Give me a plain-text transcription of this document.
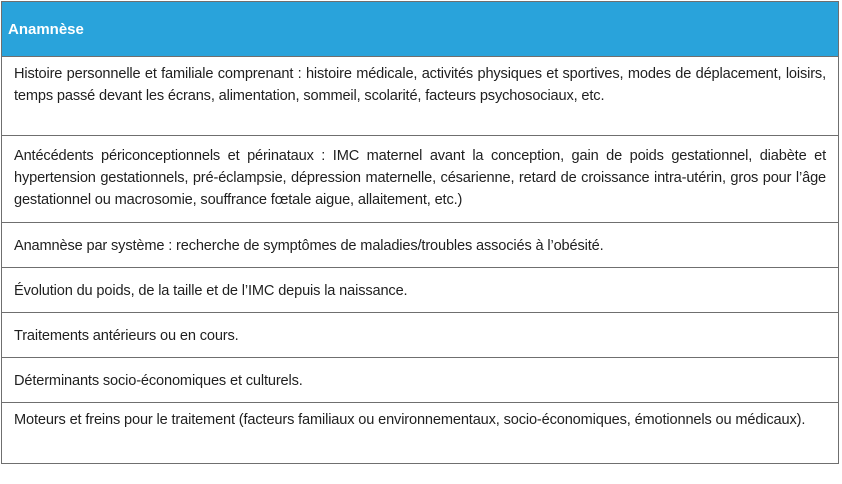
Anamnèse
Histoire personnelle et familiale comprenant : histoire médicale, activités physiques et sportives, modes de déplacement, loisirs, temps passé devant les écrans, alimentation, sommeil, scolarité, facteurs psychosociaux, etc.
Antécédents périconceptionnels et périnataux : IMC maternel avant la conception, gain de poids gestationnel, diabète et hypertension gestationnels, pré-éclampsie, dépression maternelle, césarienne, retard de croissance intra-utérin, gros pour l’âge gestationnel ou macrosomie, souffrance fœtale aigue, allaitement, etc.)
Anamnèse par système : recherche de symptômes de maladies/troubles associés à l’obésité.
Évolution du poids, de la taille et de l’IMC depuis la naissance.
Traitements antérieurs ou en cours.
Déterminants socio-économiques et culturels.
Moteurs et freins pour le traitement (facteurs familiaux ou environnementaux, socio-économiques, émotionnels ou médicaux).
